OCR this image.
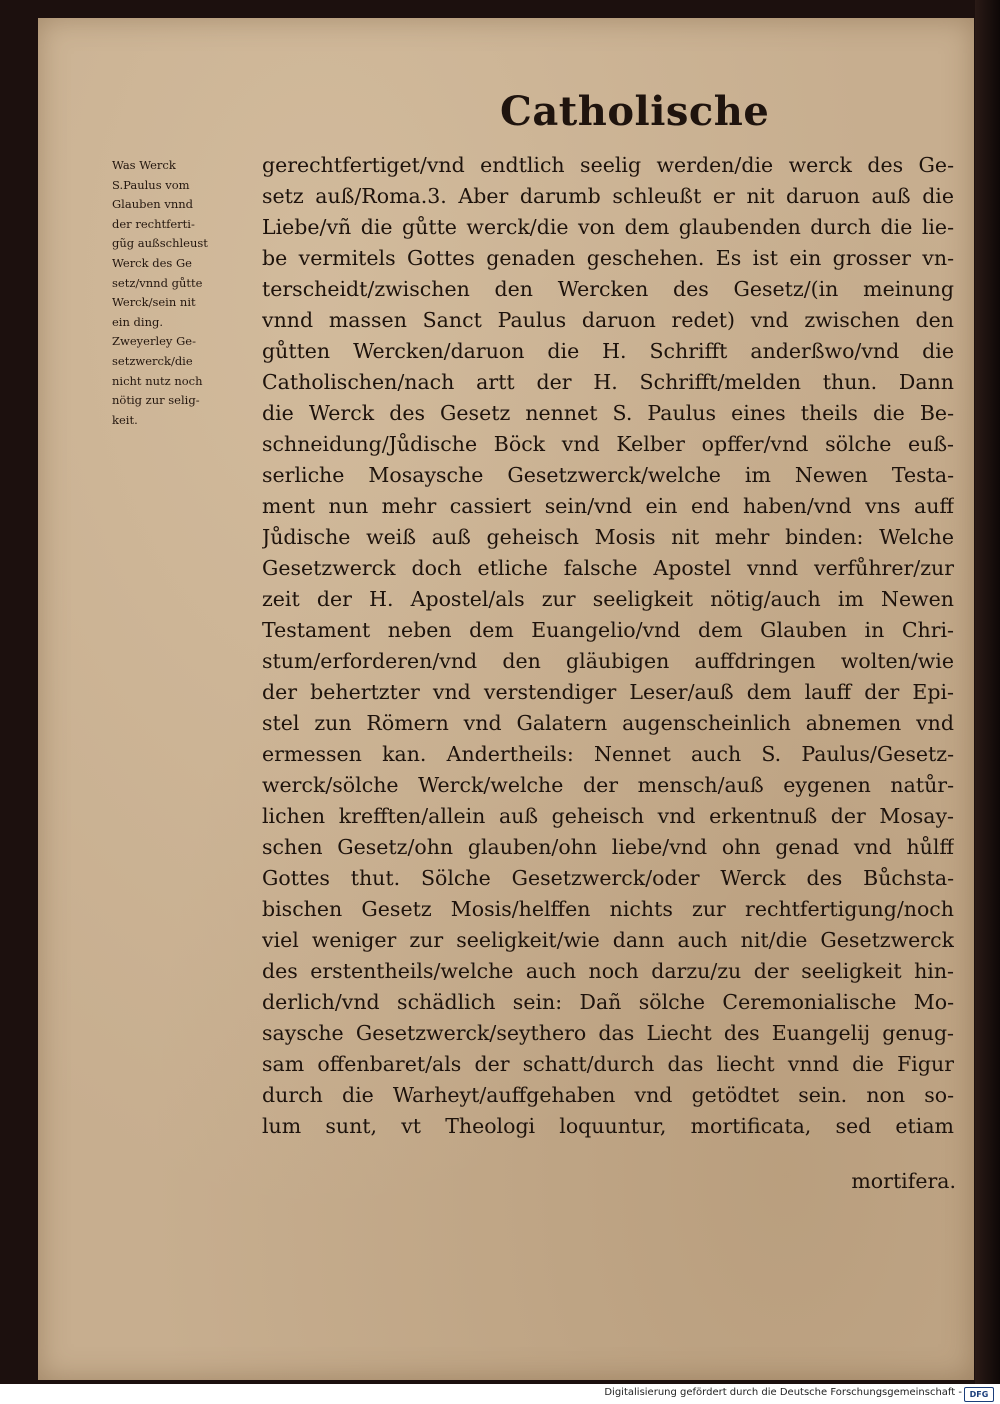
Catholische
Was Werck
S.Paulus vom
Glauben vnnd
der rechtferti-
gũg außschleust
Werck des Ge
setz/vnnd gůtte
Werck/sein nit
ein ding.
Zweyerley Ge-
setzwerck/die
nicht nutz noch
nötig zur selig-
keit.
gerechtfertiget/vnd endtlich seelig werden/die werck des Ge-
setz auß/Roma.3. Aber darumb schleußt er nit daruon auß die
Liebe/vñ die gůtte werck/die von dem glaubenden durch die lie-
be vermitels Gottes genaden geschehen. Es ist ein grosser vn-
terscheidt/zwischen den Wercken des Gesetz/(in meinung
vnnd massen Sanct Paulus daruon redet) vnd zwischen den
gůtten Wercken/daruon die H. Schrifft anderßwo/vnd die
Catholischen/nach artt der H. Schrifft/melden thun. Dann
die Werck des Gesetz nennet S. Paulus eines theils die Be-
schneidung/Jůdische Böck vnd Kelber opffer/vnd sölche euß-
serliche Mosaysche Gesetzwerck/welche im Newen Testa-
ment nun mehr cassiert sein/vnd ein end haben/vnd vns auff
Jůdische weiß auß geheisch Mosis nit mehr binden: Welche
Gesetzwerck doch etliche falsche Apostel vnnd verfůhrer/zur
zeit der H. Apostel/als zur seeligkeit nötig/auch im Newen
Testament neben dem Euangelio/vnd dem Glauben in Chri-
stum/erforderen/vnd den gläubigen auffdringen wolten/wie
der behertzter vnd verstendiger Leser/auß dem lauff der Epi-
stel zun Römern vnd Galatern augenscheinlich abnemen vnd
ermessen kan. Andertheils: Nennet auch S. Paulus/Gesetz-
werck/sölche Werck/welche der mensch/auß eygenen natůr-
lichen krefften/allein auß geheisch vnd erkentnuß der Mosay-
schen Gesetz/ohn glauben/ohn liebe/vnd ohn genad vnd hůlff
Gottes thut. Sölche Gesetzwerck/oder Werck des Bůchsta-
bischen Gesetz Mosis/helffen nichts zur rechtfertigung/noch
viel weniger zur seeligkeit/wie dann auch nit/die Gesetzwerck
des erstentheils/welche auch noch darzu/zu der seeligkeit hin-
derlich/vnd schädlich sein: Dañ sölche Ceremonialische Mo-
saysche Gesetzwerck/seythero das Liecht des Euangelij genug-
sam offenbaret/als der schatt/durch das liecht vnnd die Figur
durch die Warheyt/auffgehaben vnd getödtet sein. non so-
lum sunt, vt Theologi loquuntur, mortificata, sed etiam
mortifera.
Digitalisierung gefördert durch die Deutsche Forschungsgemeinschaft - DFG
